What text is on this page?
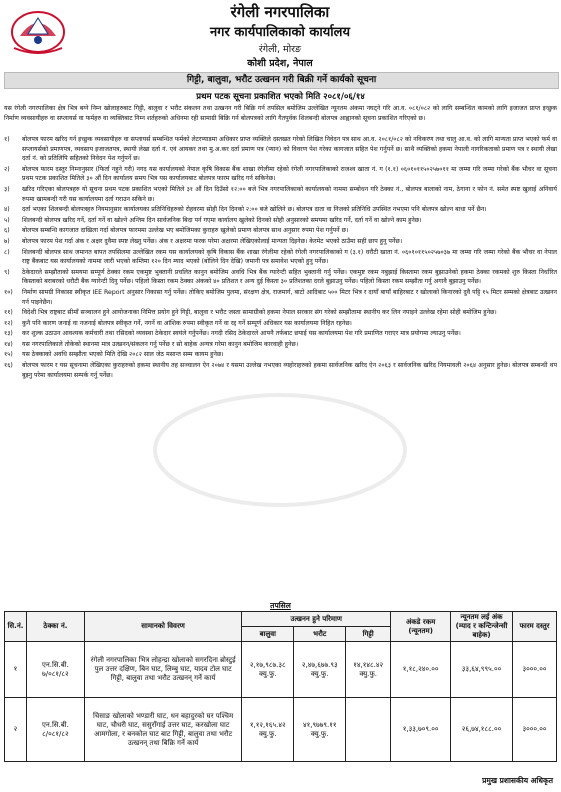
रंगेली नगरपालिका
नगर कार्यपालिकाको कार्यालय
रंगेली, मोरङ
कोशी प्रदेश, नेपाल
गिट्टी, बालुवा, भरौट उत्खनन गरी बिक्री गर्ने कार्यको सूचना
प्रथम पटक सूचना प्रकाशित भएको मिति २०८१/०६/१४
यस रंगेली नगरपालिका क्षेत्र भित्र बग्ने निम्न खोलाहरुबाट गिट्टी, बालुवा र भरौट संकलन तथा उत्खनन गरी बिक्रि गर्न तपसिल बमोजिम उल्लेखित न्यूनतम अंकमा नघट्ने गरि आ.व. ०८१/०८२ को लागि सम्बन्धित कामको लागि इजाजत प्राप्त इच्छुक निर्माण व्यवसायीहरु वा सप्लायर्स वा फर्महरु वा व्यक्तिबाट निम्न शर्तहरुको अधिनमा रही सामाग्री बिक्रि गर्न बोलपत्रको लागि गैतपुर्वक शिलबन्दी बोलपत्र आह्वानको सूचना प्रकाशित गरिएको छ।
१)	बोलपत्र फारम खरिद गर्न इच्छुक व्यवसायीहरु वा सप्लायर्स सम्बन्धित फर्मको लेटरप्याडमा अधिकार प्राप्त व्यक्तिले दस्तखत गरेको लिखित निवेदन पत्र साथ आ.व. २०८१/०८२ को नविकरण तथा चालु आ.व. को लागि मान्यता प्राप्त भएको फर्म वा सप्लायर्सको प्रमाणपत्र, व्यवसाय इजाजतपत्र, स्थायी लेखा दर्ता नं. एवं आयकर तथा मु.अ.कर दर्ता प्रमाण पत्र (प्यान) को विवरण पेश गरेका कागजात सहित पेश गर्नुपर्ने छ। साथै व्यक्तिको हकमा नेपाली नागरिकताको प्रमाण पत्र र स्थायी लेखा दर्ता नं. को प्रतिलिपि सहितको निवेदन पेश गर्नुपर्ने छ।
२)	बोलपत्र फारम दस्तुर निम्नानुसार (फिर्ता नहुने गरी) नगद यस कार्यालयको नेपाल कृषि विकास बैंक शाखा रंगेलीमा रहेको रंगेली नगरपालिकाको राजश्व खाता नं. ग (१.१) ०६०१०११५०२५७०११ मा जम्मा गरि जम्मा गरेको बैंक भौचर वा सूचना प्रथम पटक प्रकाशित मितिले ३० औं दिन कार्यालय समय भित्र यस कार्यालयबाट बोलपत्र फारम खरिद गर्न सकिनेछ।
३)	खरिद गरिएका बोलपत्रहरु यो सूचना प्रथम पटक प्रकाशित भएको मितिले ३१ औं दिन दिउँसो १२:०० बजे भित्र नगरपालिकाको कार्यालयको नाममा सम्बोधन गरि ठेक्का नं., बोलपत्र बालाको नाम, ठेगाना र फोन नं. समेत स्पष्ट खुलाई अनिवार्य रुपमा खामबन्दी गरी यस कार्यालयमा दर्ता गराउन सकिने छ।
४)	दर्ता भएका शिलबन्दी बोलपत्रहरु नियमानुसार कार्यालयका प्रतिनिधिहरुको रोहवरमा सोही दिन दिनको २:०० बजे खोलिने छ। बोलपत्र दाता वा निजको प्रतिनिधि उपस्थित नभएमा पनि बोलपत्र खोल्न बाधा पर्ने छैन।
५)	शिलबन्दी बोलपत्र खरिद गर्ने, दर्ता गर्ने वा खोल्ने अन्तिम दिन सार्वजनिक बिदा पर्न गएमा कार्यालय खुलेको दिनको सोही अनुसारको समयमा खरिद गर्ने, दर्ता गर्ने वा खोल्ने काम हुनेछ।
६)	बोलपत्र सम्बन्धि कागजात दाखिला गर्दा बोलपत्र फारममा उल्लेख भए बमोजिमका कुराहरु खुलेको प्रमाण बोलपत्र साथ अनुसार रुपमा पेश गर्नुपर्ने छ।
७)	बोलपत्र फारम पेश गर्दा अंक र अक्षर दुवैमा स्पष्ट लेख्नु पर्नेछ। अंक र अक्षरमा फरक परेमा अक्षरमा लेखिएकोलाई मान्यता दिइनेछ। केरमेट भएको ठाउँमा सही छाप हुनु पर्नेछ।
८)	शिलबन्दी बोलपत्र साथ जमानत बापत तपसिलमा उल्लेखित रकम यस कार्यालयको कृषि विकास बैंक शाखा रंगेलीमा रहेको रंगेली नगरपालिकाको ग (३.१) धरौटी खाता नं. ०६०१०११५०२५७०३७ मा जम्मा गरि जम्मा गरेको बैंक भौचर वा नेपाल राष्ट्र बैंकबाट यस कार्यालयको नाममा जारी भएको कम्तिमा १२० दिन म्याद भएको (बोलिने दिन देखि) जमानी पत्र समावेश भएको हुनु पर्नेछ।
९)	ठेकेदारले सम्झौताको समयमा सम्पूर्ण ठेक्का रकम एकमुष्ट भुक्तानी प्रचलित कानुन बमोजिम अवधि भित्र बैंक ग्यारेन्टी सहित भुक्तानी गर्नु पर्नेछ। एकमुष्ट रकम नबुझाई किस्तामा रकम बुझाउनेको हकमा ठेक्का रकमको शुरु किस्ता निर्धारित किस्ताको बराबरको धरौटी बैंक ग्यारेन्टी दिनु पर्नेछ। पहिलो किस्ता रकम ठेक्का अंकको ४० प्रतिशत र अन्य दुई किस्ता ३० प्रतिशतका दरले बुझाउनु पर्नेछ। पहिलो किस्ता रकम सम्झौता गर्नु अगावै बुझाउनु पर्नेछ।
१०)	निर्माण सामग्री निकासा स्वीकृत IEE Report अनुसार निकासा गर्नु पर्नेछ। तोकिए बमोजिम पुलमा, संरक्षण क्षेत्र, राजमार्ग, बाटो आदिबाट ५०० मिटर भित्र र दायाँ बायाँ बाहिरबाट र खोलाको किनारको दुवै पट्टि १५ मिटर सम्मको क्षेत्रबाट उत्खनन गर्न पाइनेछैन।
११)	विदेशी भित्र राष्ट्रबाट सीमाँ सञ्चालन हुने आयोजनाका निमित्त प्रयोग हुने गिट्टी, बालुवा र भरौट जस्ता सामाग्रीको हकमा नेपाल सरकार संग गरेको सम्झौतामा स्थानीय कर लिन नपाइने उल्लेख रहेमा सोही बमोजिम हुनेछ।
१२)	कुनै पनि कारण जनाई वा नजनाई बोलपत्र स्वीकृत गर्ने, नगर्ने वा आंशिक रुपमा स्वीकृत गर्ने वा रद्द गर्ने सम्पूर्ण अधिकार यस कार्यालयमा निहित रहनेछ।
१३)	कर शुल्क उठाउन आवश्यक कर्मचारी तथा रसिदको व्यवस्था ठेकेदार स्वयंले गर्नुपर्नेछ। नगदी रसिद ठेकेदारले आफ्नै तर्फबाट छपाई यस कार्यालयमा पेश गरि प्रमाणित गराएर मात्र प्रयोगमा ल्याउनु पर्नेछ।
१४)	यस नगरपालिकाले तोकेको स्थानमा मात्र उत्खनन/संकलन गर्नु पर्नेछ र सो बाहेक अन्यत्र गरेमा कानुन बमोजिम कारवाही हुनेछ।
१५)	यस ठेक्काको अवधि सम्झौता भएको मिति देखि २०८२ साल जेठ मसान्त सम्म कायम हुनेछ।
१६)	बोलपत्र फारम र यस सूचनामा लेखिएका कुराहरुको हकमा स्थानीय तह सञ्चालन ऐन २०७४ र यसमा उल्लेख नभएका व्यहोराहरुको हकमा सार्वजनिक खरिद ऐन २०६३ र सार्वजनिक खरिद नियमावली २०६४ अनुसार हुनेछ। बोलपत्र सम्बन्धी थप बुझ्नु परेमा कार्यालयमा सम्पर्क गर्नु पर्नेछ।
तपसिल
सि.नं.	ठेक्का नं.	सामानको विवरण	उत्खनन हुने परिमाण			अंकडे रकम (न्यूनतम)	न्यूनतम लई अंक (म्याद र कन्टिन्जेन्सी बाहेक)	फारम दस्तुर
			बालुवा	भरौट	गिट्टी			
१	एन.सि.बी. ७/०८१/८२	रंगेली नगरपालिका भित्र लोहन्द्रा खोलाको सगरदिना ब्रोस्टुई पुल उत्तर दक्षिण, बिन घाट, लिम्बु घाट, यादव टोल घाट गिट्टी, बालुवा तथा भरौट उत्खनन् गर्ने कार्य	२,१७,९८७.३८ क्यु.फु.	२,४७,६७७.९३ क्यु.फु.	१४,१४८.४२ क्यु.फु.	१,१८,२४०.००	३३,६४,९९५.००	३०००.००
२	एन.सि.बी. ८/०८१/८२	चिसाङ खोलाको भण्डारी घाट, धन बहादुरको घर पश्चिम घाट, चौधरी घाट, ससुराँगाई उत्तर घाट, करखोला घाट आमगोला, र बनकोल घाट बाट गिट्टी, बालुवा तथा भरौट उत्खनन् तथा बिक्रि गर्ने कार्य	१,१२,१६५.४२ क्यु.फु.	४१,९७७९.११ क्यु.फु.		१,३३,७०९.००	२६,७४,१८८.००	३०००.००
प्रमुख प्रशासकीय अधिकृत
